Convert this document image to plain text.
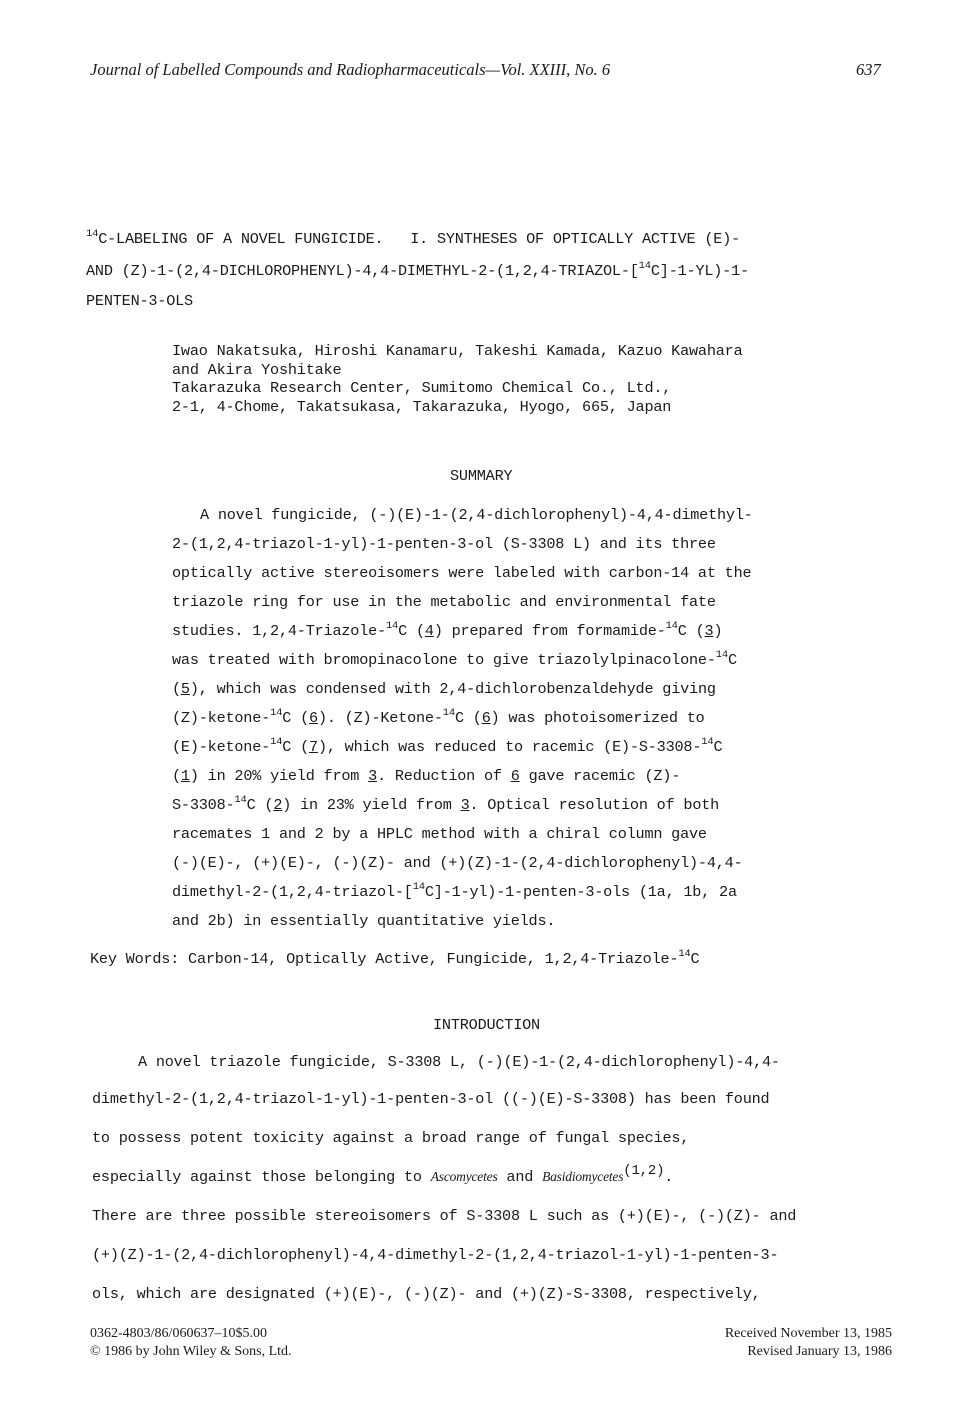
Journal of Labelled Compounds and Radiopharmaceuticals—Vol. XXIII, No. 6	637
$^{14}$C-LABELING OF A NOVEL FUNGICIDE. I. SYNTHESES OF OPTICALLY ACTIVE (E)-
AND (Z)-1-(2,4-DICHLOROPHENYL)-4,4-DIMETHYL-2-(1,2,4-TRIAZOL-[$^{14}$C]-1-YL)-1-
PENTEN-3-OLS
Iwao Nakatsuka, Hiroshi Kanamaru, Takeshi Kamada, Kazuo Kawahara
and Akira Yoshitake
Takarazuka Research Center, Sumitomo Chemical Co., Ltd.,
2-1, 4-Chome, Takatsukasa, Takarazuka, Hyogo, 665, Japan
SUMMARY
A novel fungicide, (-)(E)-1-(2,4-dichlorophenyl)-4,4-dimethyl-
2-(1,2,4-triazol-1-yl)-1-penten-3-ol (S-3308 L) and its three
optically active stereoisomers were labeled with carbon-14 at the
triazole ring for use in the metabolic and environmental fate
studies. 1,2,4-Triazole-$^{14}$C (4) prepared from formamide-$^{14}$C (3)
was treated with bromopinacolone to give triazolylpinacolone-$^{14}$C
(5), which was condensed with 2,4-dichlorobenzaldehyde giving
(Z)-ketone-$^{14}$C (6). (Z)-Ketone-$^{14}$C (6) was photoisomerized to
(E)-ketone-$^{14}$C (7), which was reduced to racemic (E)-S-3308-$^{14}$C
(1) in 20% yield from 3. Reduction of 6 gave racemic (Z)-
S-3308-$^{14}$C (2) in 23% yield from 3. Optical resolution of both
racemates 1 and 2 by a HPLC method with a chiral column gave
(-)(E)-, (+)(E)-, (-)(Z)- and (+)(Z)-1-(2,4-dichlorophenyl)-4,4-
dimethyl-2-(1,2,4-triazol-[$^{14}$C]-1-yl)-1-penten-3-ols (1a, 1b, 2a
and 2b) in essentially quantitative yields.
Key Words: Carbon-14, Optically Active, Fungicide, 1,2,4-Triazole-$^{14}$C
INTRODUCTION
A novel triazole fungicide, S-3308 L, (-)(E)-1-(2,4-dichlorophenyl)-4,4-
dimethyl-2-(1,2,4-triazol-1-yl)-1-penten-3-ol ((-)(E)-S-3308) has been found
to possess potent toxicity against a broad range of fungal species,
especially against those belonging to Ascomycetes and Basidiomycetes$^{(1,2)}$.
There are three possible stereoisomers of S-3308 L such as (+)(E)-, (-)(Z)- and
(+)(Z)-1-(2,4-dichlorophenyl)-4,4-dimethyl-2-(1,2,4-triazol-1-yl)-1-penten-3-
ols, which are designated (+)(E)-, (-)(Z)- and (+)(Z)-S-3308, respectively,
0362-4803/86/060637–10$5.00
© 1986 by John Wiley & Sons, Ltd.
Received November 13, 1985
Revised January 13, 1986
